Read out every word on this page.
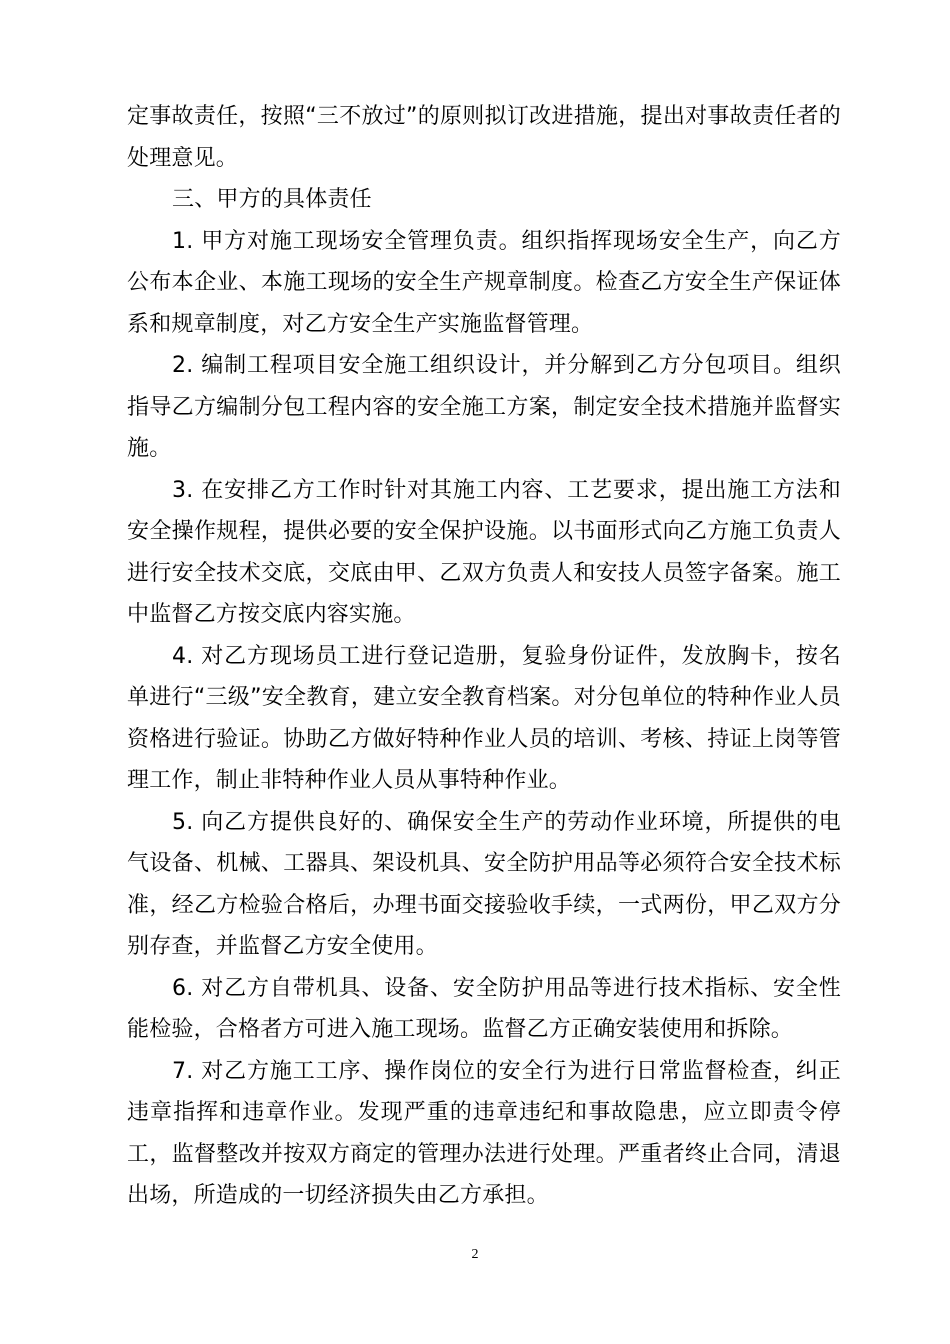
定事故责任，按照“三不放过”的原则拟订改进措施，提出对事故责任者的处理意见。

三、甲方的具体责任

1. 甲方对施工现场安全管理负责。组织指挥现场安全生产，向乙方公布本企业、本施工现场的安全生产规章制度。检查乙方安全生产保证体系和规章制度，对乙方安全生产实施监督管理。

2. 编制工程项目安全施工组织设计，并分解到乙方分包项目。组织指导乙方编制分包工程内容的安全施工方案，制定安全技术措施并监督实施。

3. 在安排乙方工作时针对其施工内容、工艺要求，提出施工方法和安全操作规程，提供必要的安全保护设施。以书面形式向乙方施工负责人进行安全技术交底，交底由甲、乙双方负责人和安技人员签字备案。施工中监督乙方按交底内容实施。

4. 对乙方现场员工进行登记造册，复验身份证件，发放胸卡，按名单进行“三级”安全教育，建立安全教育档案。对分包单位的特种作业人员资格进行验证。协助乙方做好特种作业人员的培训、考核、持证上岗等管理工作，制止非特种作业人员从事特种作业。

5. 向乙方提供良好的、确保安全生产的劳动作业环境，所提供的电气设备、机械、工器具、架设机具、安全防护用品等必须符合安全技术标准，经乙方检验合格后，办理书面交接验收手续，一式两份，甲乙双方分别存查，并监督乙方安全使用。

6. 对乙方自带机具、设备、安全防护用品等进行技术指标、安全性能检验，合格者方可进入施工现场。监督乙方正确安装使用和拆除。

7. 对乙方施工工序、操作岗位的安全行为进行日常监督检查，纠正违章指挥和违章作业。发现严重的违章违纪和事故隐患，应立即责令停工，监督整改并按双方商定的管理办法进行处理。严重者终止合同，清退出场，所造成的一切经济损失由乙方承担。

2
